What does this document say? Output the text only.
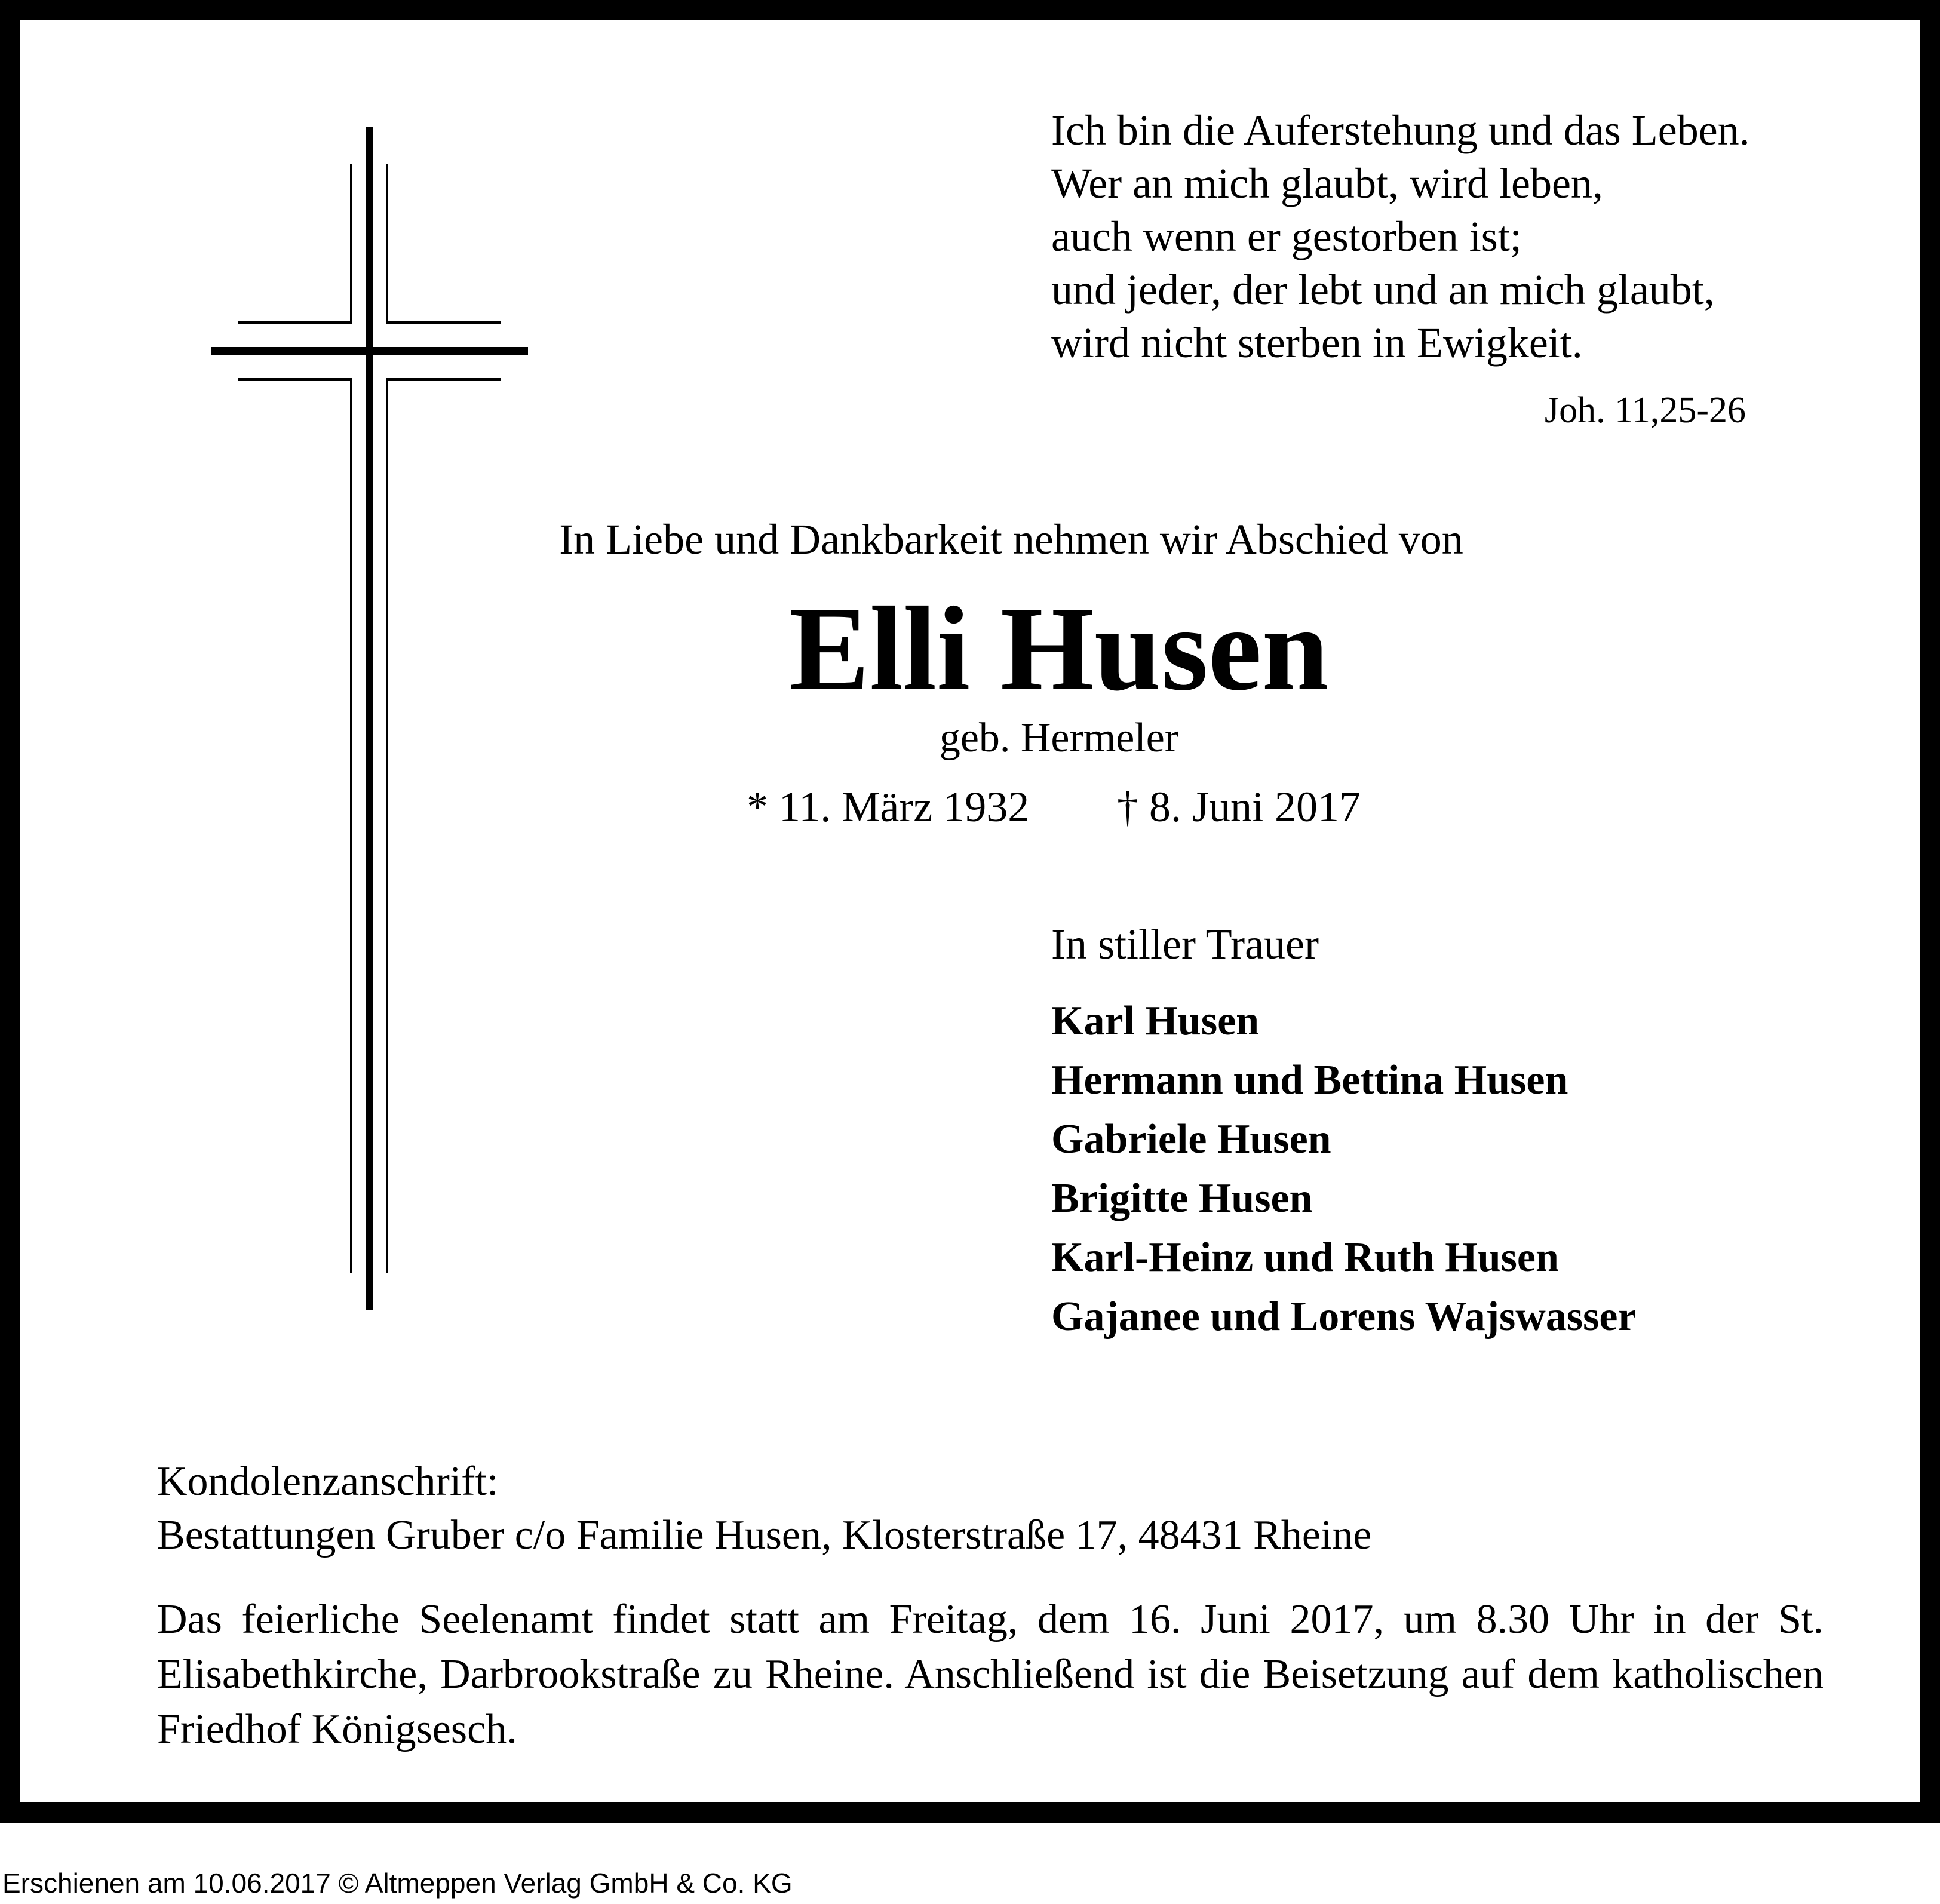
Ich bin die Auferstehung und das Leben.
Wer an mich glaubt, wird leben,
auch wenn er gestorben ist;
und jeder, der lebt und an mich glaubt,
wird nicht sterben in Ewigkeit.
Joh. 11,25-26
In Liebe und Dankbarkeit nehmen wir Abschied von
Elli Husen
geb. Hermeler
* 11. März 1932 † 8. Juni 2017
In stiller Trauer
Karl Husen
Hermann und Bettina Husen
Gabriele Husen
Brigitte Husen
Karl-Heinz und Ruth Husen
Gajanee und Lorens Wajswasser
Kondolenzanschrift:
Bestattungen Gruber c/o Familie Husen, Klosterstraße 17, 48431 Rheine
Das feierliche Seelenamt findet statt am Freitag, dem 16. Juni 2017, um 8.30 Uhr in der St. Elisabethkirche, Darbrookstraße zu Rheine. Anschließend ist die Beisetzung auf dem katholischen Friedhof Königsesch.
Erschienen am 10.06.2017 © Altmeppen Verlag GmbH & Co. KG
